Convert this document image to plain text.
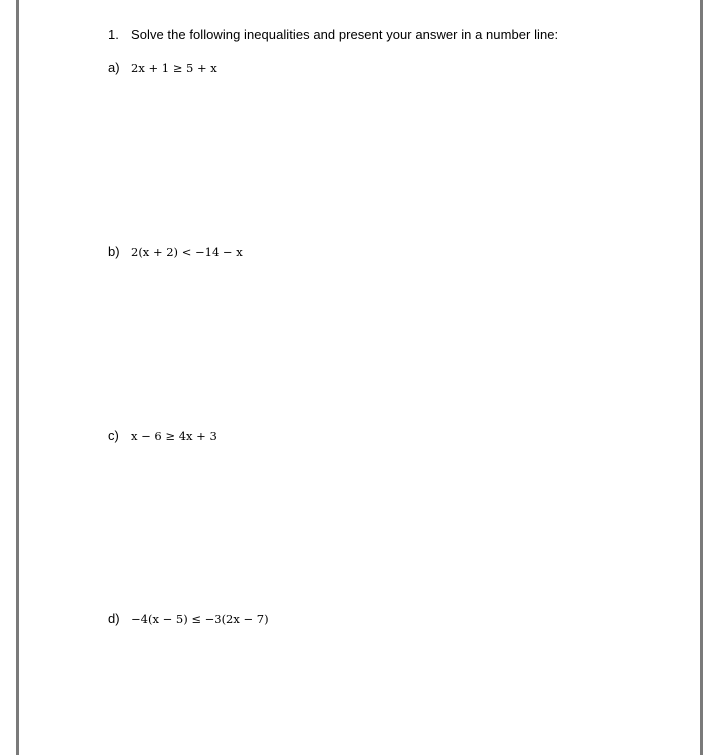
1. Solve the following inequalities and present your answer in a number line:
a) 2x + 1 ≥ 5 + x
b) 2(x + 2) < −14 − x
c) x − 6 ≥ 4x + 3
d) −4(x − 5) ≤ −3(2x − 7)
